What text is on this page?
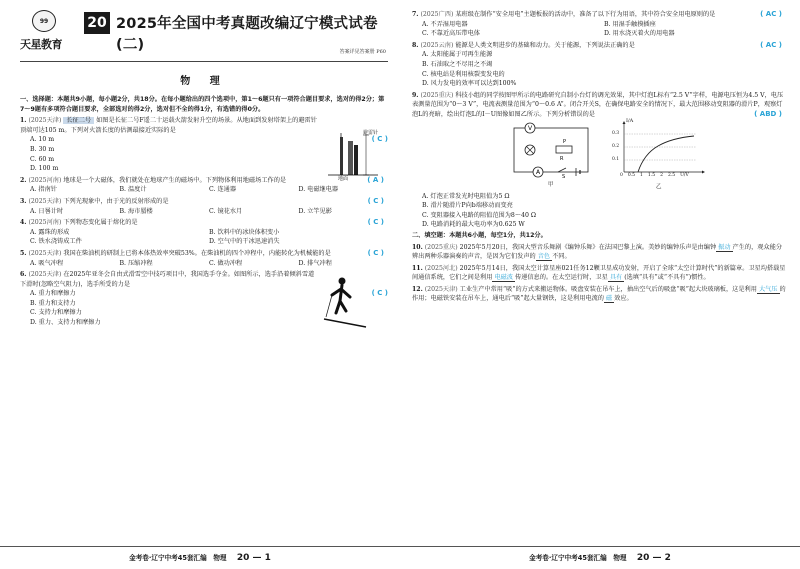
99
天星教育
20 2025年全国中考真题改编辽宁模式试卷(二)	答案详见答案册 P60
物 理
一、选择题：本题共9小题，每小题2分，共18分。在每小题给出的四个选项中，第1～6题只有一项符合题目要求，选对的得2分；第7～9题有多项符合题目要求，全部选对的得2分，选对但不全的得1分，有选错的得0分。
1. (2025天津) 长征二号 如图是长征二号F遥二十运载火箭发射升空的场景。从地面到发射塔架上的避雷针顶端可达105 m。下列对火箭长度的估测最接近实际的是
( C )
A. 10 m
B. 30 m
C. 60 m
D. 100 m
避雷针
地面
2. (2025河南) 地球是一个大磁体，我们就处在地球产生的磁场中。下列物体利用地磁场工作的是	( A )
A. 指南针	B. 温度计	C. 连通器	D. 电磁继电器
3. (2025天津) 下列光现象中，由于光的反射形成的是	( C )
A. 日晷计时	B. 海市蜃楼	C. 镜花水月	D. 立竿见影
4. (2025河南) 下列物态变化属于熔化的是	( C )
A. 露珠的形成	B. 饮料中的冰块体积变小
C. 铁水浇铸成工件	D. 空气中的干冰迅速消失
5. (2025天津) 我国在柴油机的研制上已将本体热效率突破53%。在柴油机的四个冲程中，内能转化为机械能的是	( C )
A. 吸气冲程	B. 压缩冲程	C. 做功冲程	D. 排气冲程
6. (2025天津) 在2025年亚冬会自由式滑雪空中技巧项目中，我国选手夺金。如图所示，选手沿着倾斜雪道下滑时(忽略空气阻力)，选手所受的力是
( C )
A. 重力和摩擦力
B. 重力和支持力
C. 支持力和摩擦力
D. 重力、支持力和摩擦力
金考卷·辽宁中考45套汇编　物理 20 — 1
7. (2025广西) 某班级在制作“安全用电”主题板报的活动中，准备了以下行为用语，其中符合安全用电原则的是	( AC )
A. 不弄湿用电器	B. 用湿手触摸插座
C. 不靠近高压带电体	D. 用水浇灭着火的用电器
8. (2025云南) 能源是人类文明进步的基础和动力。关于能源，下列说法正确的是	( AC )
A. 太阳能属于可再生能源
B. 石油取之不尽用之不竭
C. 核电站是利用核裂变发电的
D. 风力发电的效率可以达到100%
9. (2025重庆) 科技小组的同学按图甲所示的电路研究自制小台灯的调光效果，其中灯泡L标有“2.5 V”字样，电源电压恒为4.5 V，电压表测量范围为“0～3 V”，电流表测量范围为“0～0.6 A”。闭合开关S，在确保电路安全的情况下，最大范围移动变阻器的滑片P，观察灯泡L的亮暗，绘出灯泡L的I－U图像如图乙所示。下列分析错误的是	( ABD )
V
R
P
A
S
甲
I/A
0.3
0.2
0.1
0 0.5 1 1.5 2 2.5 U/V
乙
A. 灯泡正常发光时电阻值为5 Ω
B. 滑片随滑片P向b端移动而变亮
C. 变阻器接入电路的阻值范围为8～40 Ω
D. 电路消耗的最大电功率为0.625 W
二、填空题：本题共6小题，每空1分，共12分。
10. (2025重庆) 2025年5月20日，我国大型音乐舞剧《编钟乐舞》在法国巴黎上演。美妙的编钟乐声是由编钟 振动 产生的，观众能分辨出两种乐器演奏的声音，是因为它们发声的 音色 不同。
11. (2025河北) 2025年5月14日，我国太空计算星座021任务12颗卫星成功发射，开启了全球“太空计算时代”的新篇章。卫星均搭载星间通信系统，它们之间是利用 电磁波 传递信息的。在太空运行时，卫星 具有 (选填“具有”或“不具有”)惯性。
12. (2025天津) 工业生产中常用“吸”的方式来搬运物体。吸盘安装在吊车上，抽出空气后的吸盘“吸”起大块玻璃板，这是利用 大气压 的作用；电磁铁安装在吊车上，通电后“吸”起大量钢铁，这是利用电流的 磁 效应。
金考卷·辽宁中考45套汇编　物理 20 — 2
